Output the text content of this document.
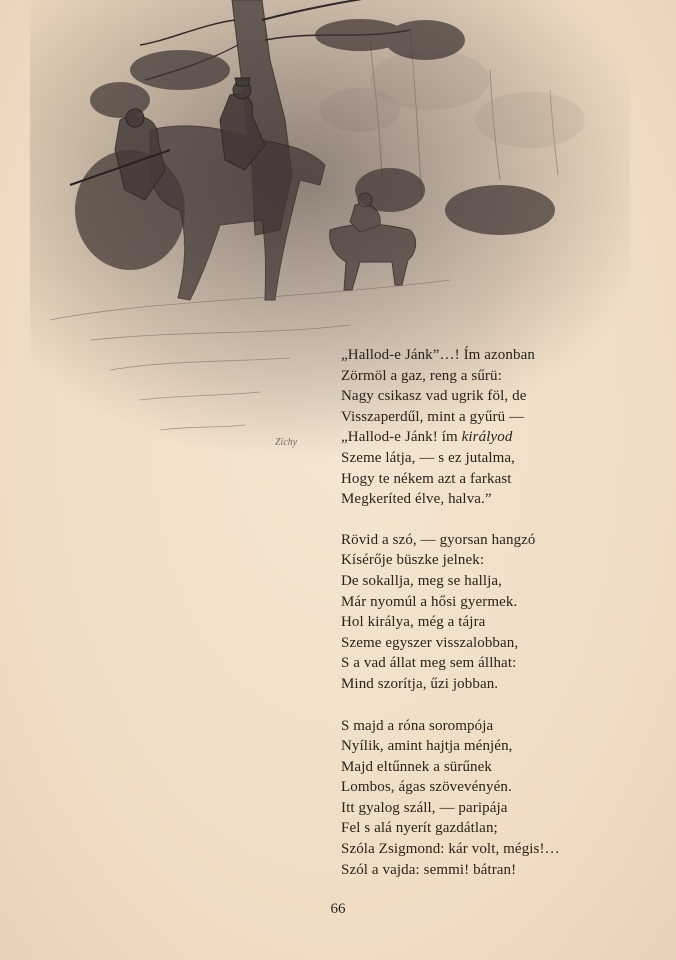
Zichy
„Hallod-e Jánk”…! Ím azonban
Zörmöl a gaz, reng a sűrü:
Nagy csikasz vad ugrik föl, de
Visszaperdűl, mint a gyűrü —
„Hallod-e Jánk! ím királyod
Szeme látja, — s ez jutalma,
Hogy te nékem azt a farkast
Megkeríted élve, halva.”
Rövid a szó, — gyorsan hangzó
Kísérője büszke jelnek:
De sokallja, meg se hallja,
Már nyomúl a hősi gyermek.
Hol királya, még a tájra
Szeme egyszer visszalobban,
S a vad állat meg sem állhat:
Mind szorítja, űzi jobban.
S majd a róna sorompója
Nyílik, amint hajtja ménjén,
Majd eltűnnek a sürűnek
Lombos, ágas szövevényén.
Itt gyalog száll, — paripája
Fel s alá nyerít gazdátlan;
Szóla Zsigmond: kár volt, mégis!…
Szól a vajda: semmi! bátran!
66
